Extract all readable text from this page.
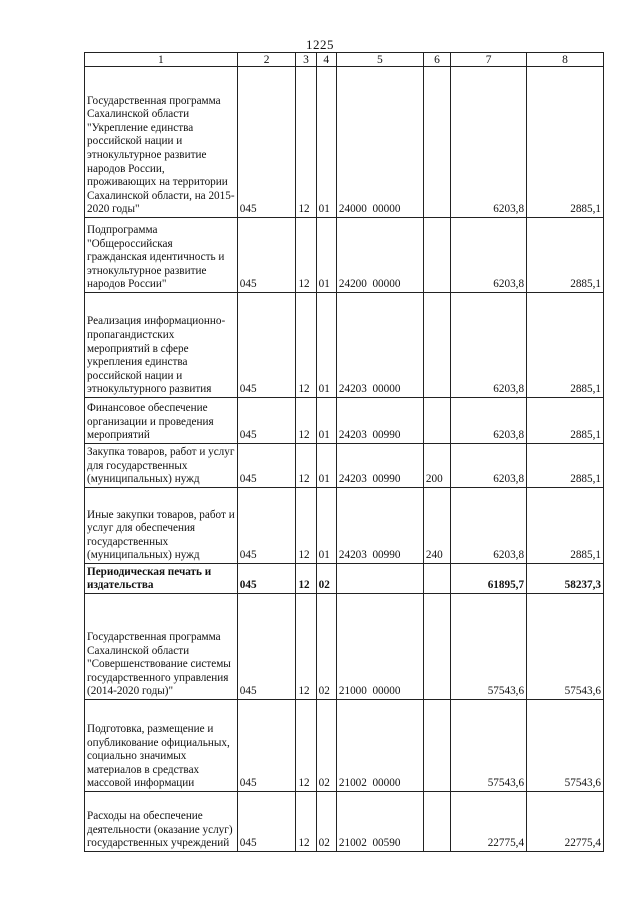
1225
1	2	3	4	5	6	7	8

Государственная программа Сахалинской области "Укрепление единства российской нации и этнокультурное развитие народов России, проживающих на территории Сахалинской области, на 2015-2020 годы"	045	12	01	24000  00000		6203,8	2885,1

Подпрограмма "Общероссийская гражданская идентичность и этнокультурное развитие народов России"	045	12	01	24200  00000		6203,8	2885,1

Реализация информационно-пропагандистских мероприятий в сфере укрепления единства российской нации и этнокультурного развития	045	12	01	24203  00000		6203,8	2885,1

Финансовое обеспечение организации и проведения мероприятий	045	12	01	24203  00990		6203,8	2885,1

Закупка товаров, работ и услуг для государственных (муниципальных) нужд	045	12	01	24203  00990	200	6203,8	2885,1

Иные закупки товаров, работ и услуг для обеспечения государственных (муниципальных) нужд	045	12	01	24203  00990	240	6203,8	2885,1

Периодическая печать и издательства	045	12	02			61895,7	58237,3

Государственная программа Сахалинской области "Совершенствование системы государственного управления (2014-2020 годы)"	045	12	02	21000  00000		57543,6	57543,6

Подготовка, размещение и опубликование официальных, социально значимых материалов в средствах массовой информации	045	12	02	21002  00000		57543,6	57543,6

Расходы на обеспечение деятельности (оказание услуг) государственных учреждений	045	12	02	21002  00590		22775,4	22775,4
